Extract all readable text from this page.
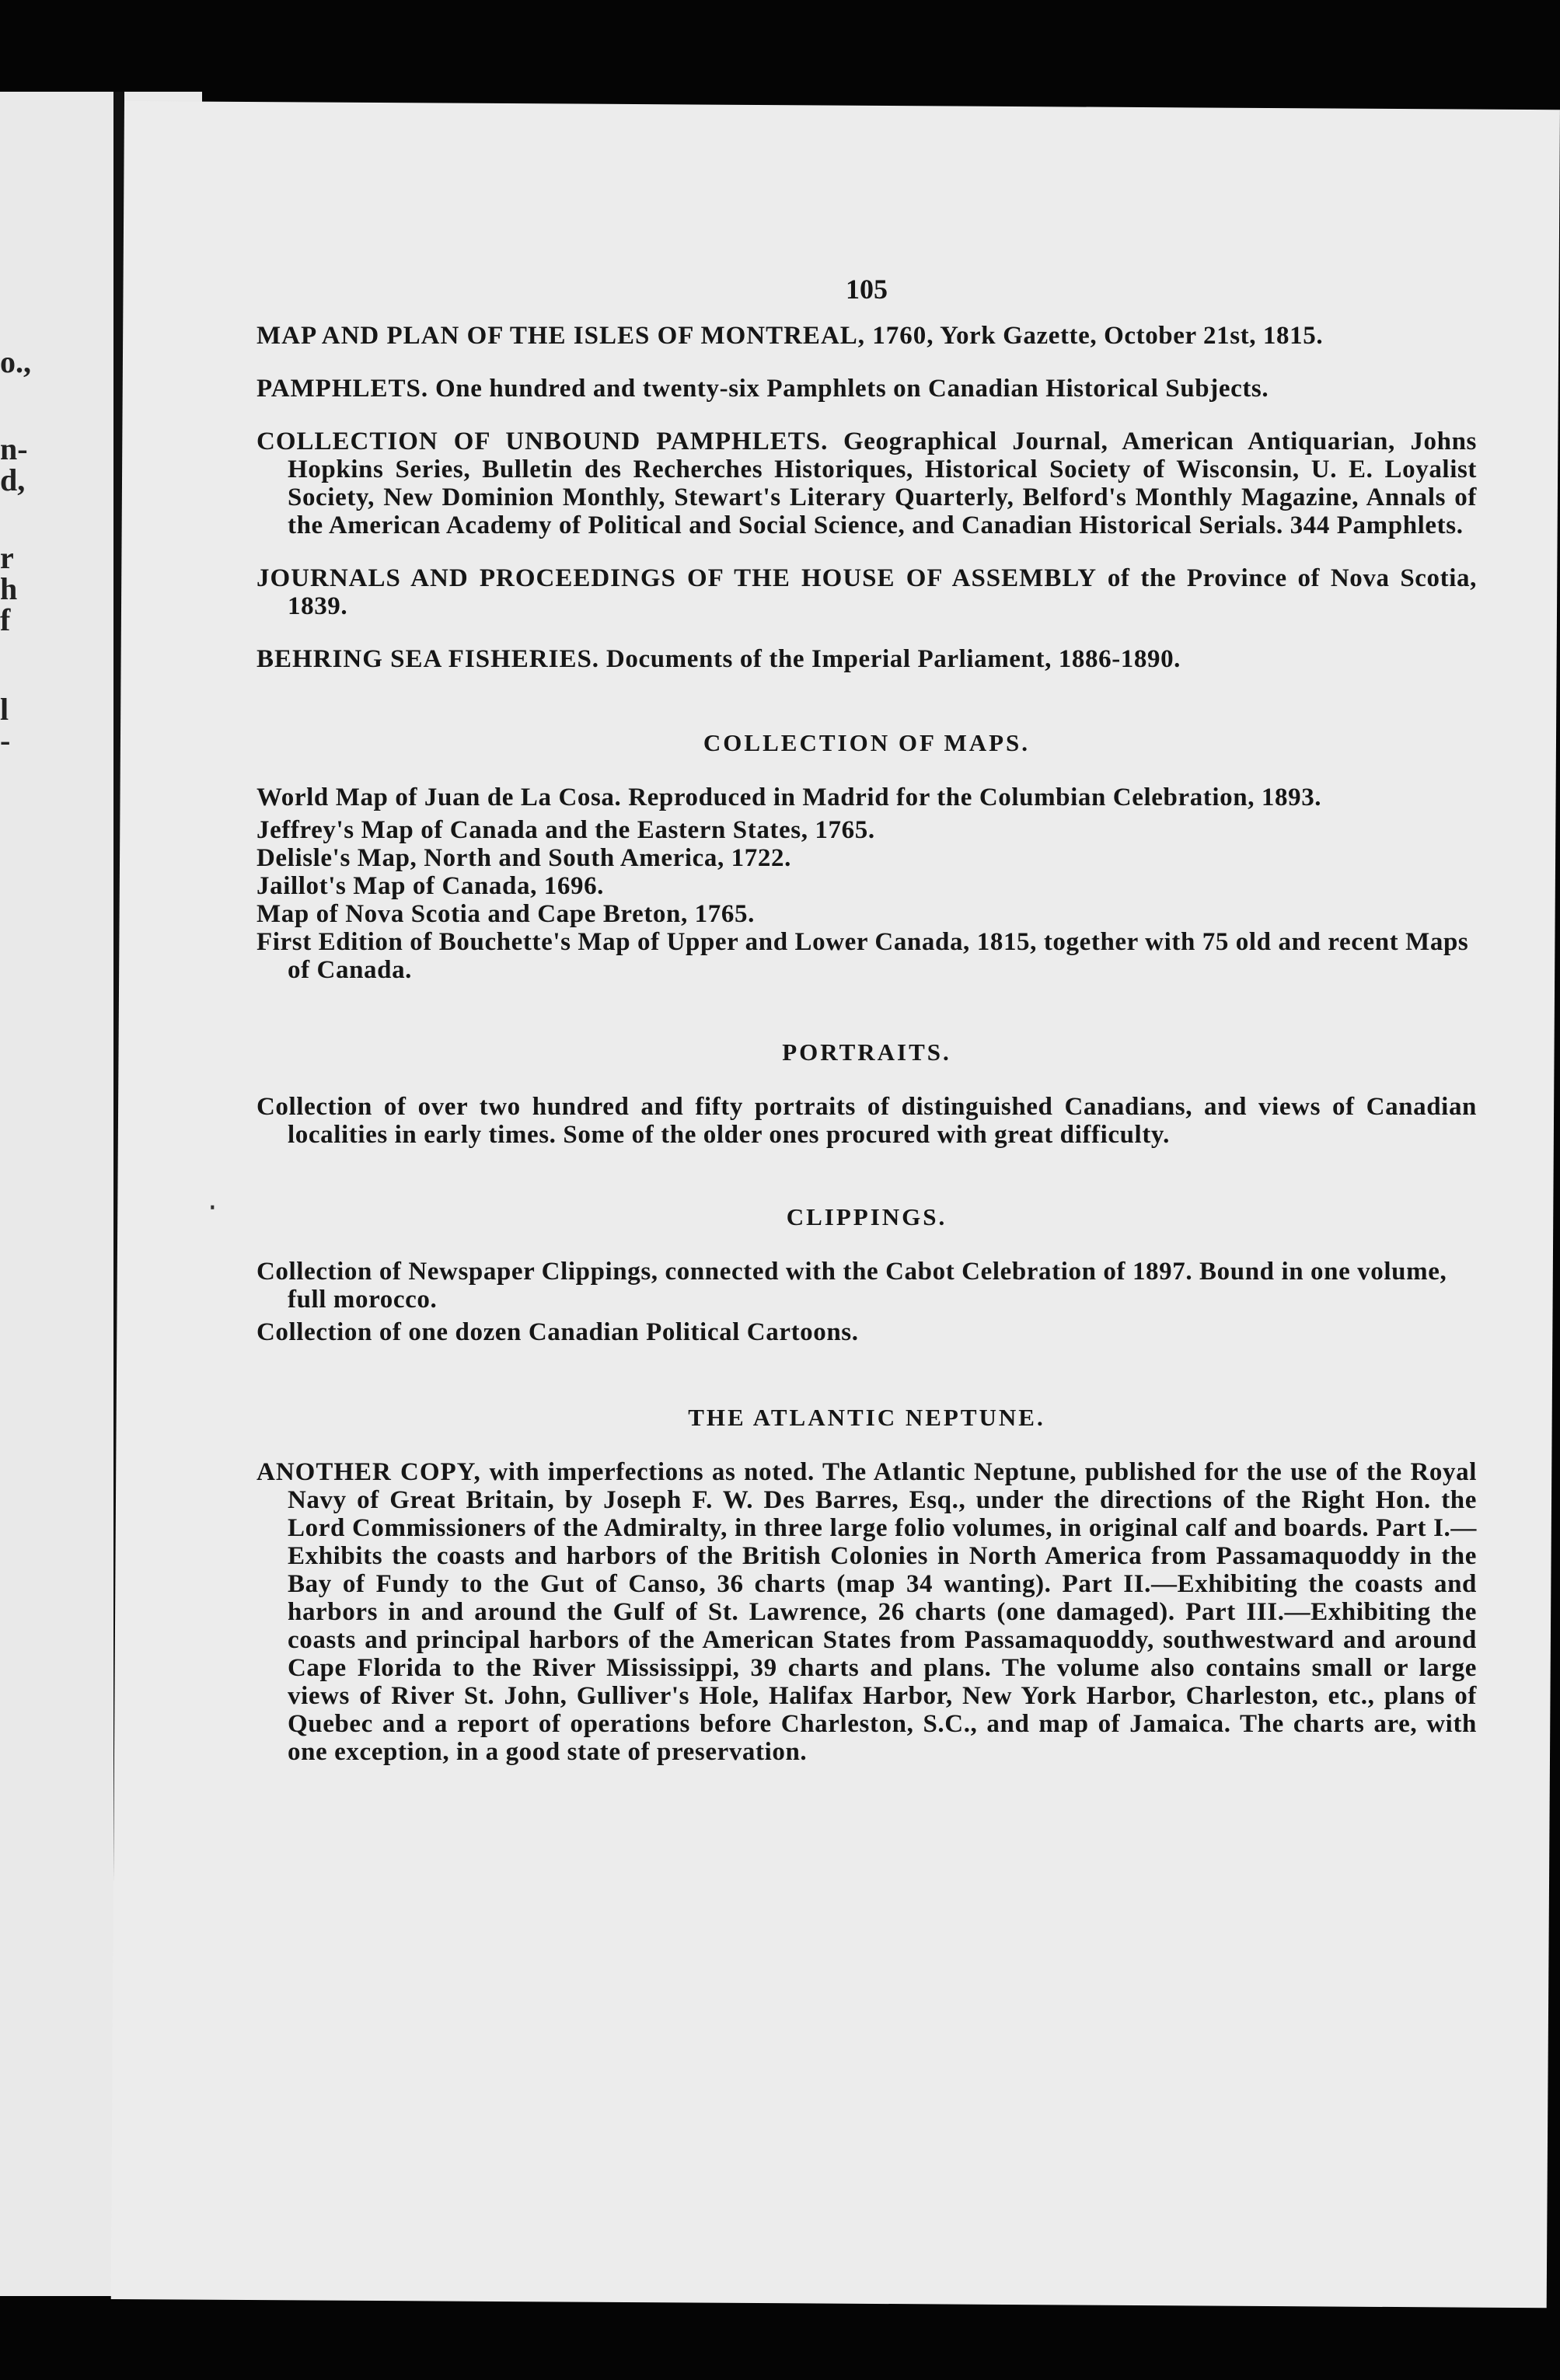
o.,
n-
d,
r
h
f
l
-
105

MAP AND PLAN OF THE ISLES OF MONTREAL, 1760, York Gazette, October 21st, 1815.

PAMPHLETS. One hundred and twenty-six Pamphlets on Canadian Historical Subjects.

COLLECTION OF UNBOUND PAMPHLETS. Geographical Journal, American Antiquarian, Johns Hopkins Series, Bulletin des Recherches Historiques, Historical Society of Wisconsin, U. E. Loyalist Society, New Dominion Monthly, Stewart's Literary Quarterly, Belford's Monthly Magazine, Annals of the American Academy of Political and Social Science, and Canadian Historical Serials. 344 Pamphlets.

JOURNALS AND PROCEEDINGS OF THE HOUSE OF ASSEMBLY of the Province of Nova Scotia, 1839.

BEHRING SEA FISHERIES. Documents of the Imperial Parliament, 1886-1890.

COLLECTION OF MAPS.

World Map of Juan de La Cosa. Reproduced in Madrid for the Columbian Celebration, 1893.

Jeffrey's Map of Canada and the Eastern States, 1765.

Delisle's Map, North and South America, 1722.

Jaillot's Map of Canada, 1696.

Map of Nova Scotia and Cape Breton, 1765.

First Edition of Bouchette's Map of Upper and Lower Canada, 1815, together with 75 old and recent Maps of Canada.

PORTRAITS.

Collection of over two hundred and fifty portraits of distinguished Canadians, and views of Canadian localities in early times. Some of the older ones procured with great difficulty.

CLIPPINGS.

Collection of Newspaper Clippings, connected with the Cabot Celebration of 1897. Bound in one volume, full morocco.

Collection of one dozen Canadian Political Cartoons.

THE ATLANTIC NEPTUNE.

ANOTHER COPY, with imperfections as noted. The Atlantic Neptune, published for the use of the Royal Navy of Great Britain, by Joseph F. W. Des Barres, Esq., under the directions of the Right Hon. the Lord Commissioners of the Admiralty, in three large folio volumes, in original calf and boards. Part I.—Exhibits the coasts and harbors of the British Colonies in North America from Passamaquoddy in the Bay of Fundy to the Gut of Canso, 36 charts (map 34 wanting). Part II.—Exhibiting the coasts and harbors in and around the Gulf of St. Lawrence, 26 charts (one damaged). Part III.—Exhibiting the coasts and principal harbors of the American States from Passamaquoddy, southwestward and around Cape Florida to the River Mississippi, 39 charts and plans. The volume also contains small or large views of River St. John, Gulliver's Hole, Halifax Harbor, New York Harbor, Charleston, etc., plans of Quebec and a report of operations before Charleston, S.C., and map of Jamaica. The charts are, with one exception, in a good state of preservation.
